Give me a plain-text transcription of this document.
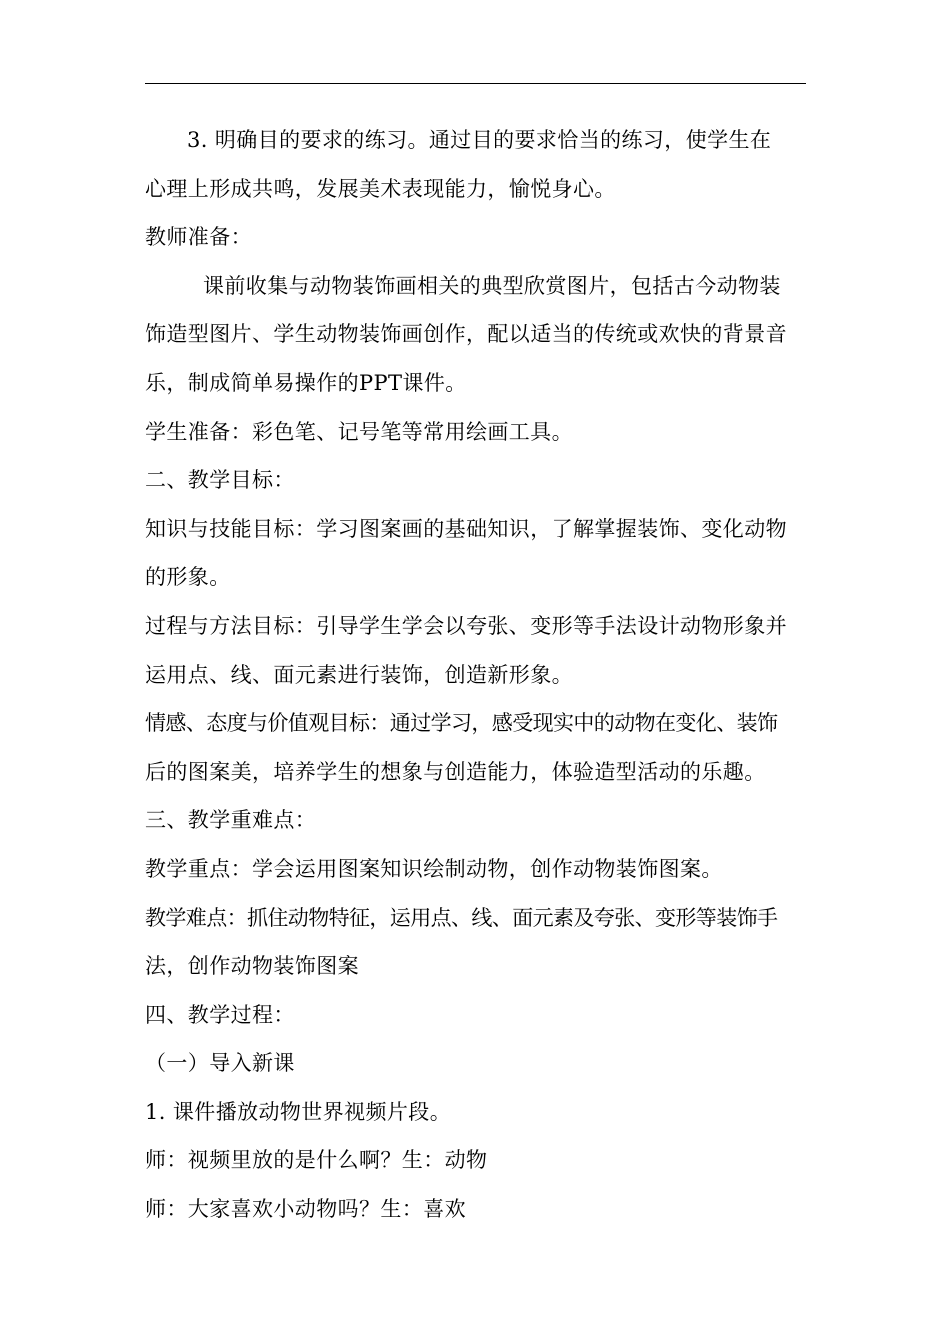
3. 明确目的要求的练习。通过目的要求恰当的练习，使学生在
心理上形成共鸣，发展美术表现能力，愉悦身心。
教师准备：
课前收集与动物装饰画相关的典型欣赏图片，包括古今动物装
饰造型图片、学生动物装饰画创作，配以适当的传统或欢快的背景音
乐，制成简单易操作的PPT课件。
学生准备：彩色笔、记号笔等常用绘画工具。
二、教学目标：
知识与技能目标：学习图案画的基础知识，了解掌握装饰、变化动物
的形象。
过程与方法目标：引导学生学会以夸张、变形等手法设计动物形象并
运用点、线、面元素进行装饰，创造新形象。
情感、态度与价值观目标：通过学习，感受现实中的动物在变化、装饰
后的图案美，培养学生的想象与创造能力，体验造型活动的乐趣。
三、教学重难点：
教学重点：学会运用图案知识绘制动物，创作动物装饰图案。
教学难点：抓住动物特征，运用点、线、面元素及夸张、变形等装饰手
法，创作动物装饰图案
四、教学过程：
（一）导入新课
1. 课件播放动物世界视频片段。
师：视频里放的是什么啊？生：动物
师：大家喜欢小动物吗？生：喜欢
